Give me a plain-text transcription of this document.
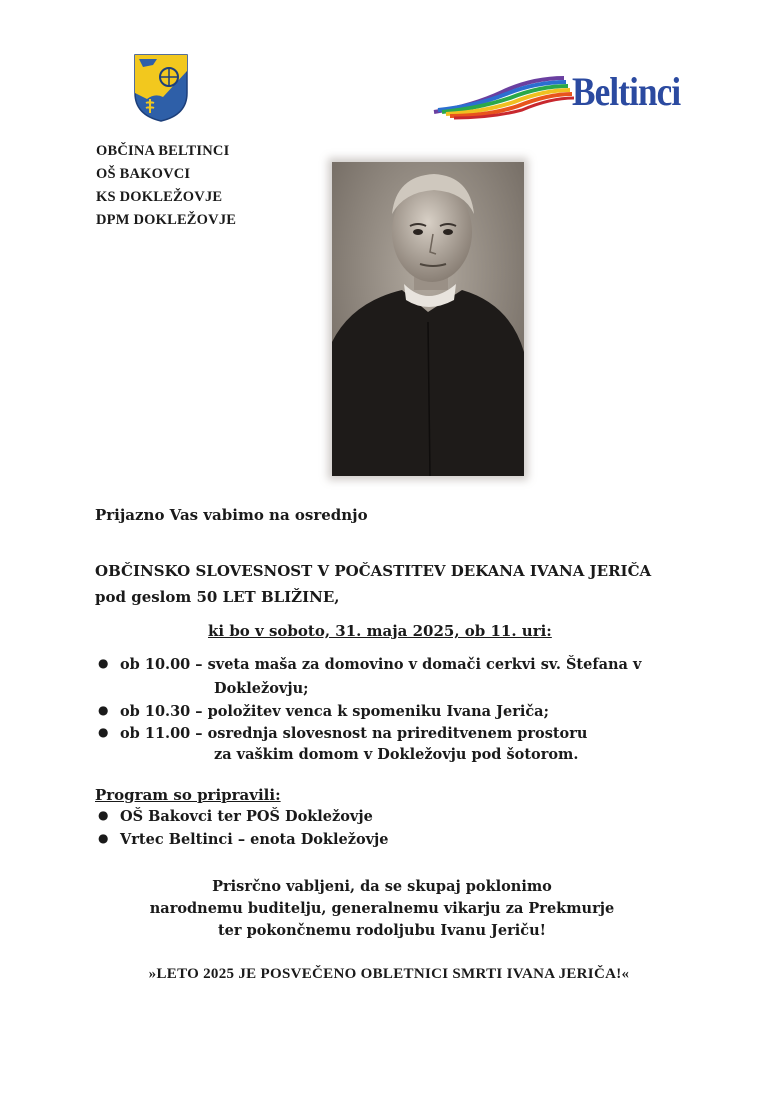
Beltinci
OBČINA BELTINCI
OŠ BAKOVCI
KS DOKLEŽOVJE
DPM DOKLEŽOVJE
Prijazno Vas vabimo na osrednjo
OBČINSKO SLOVESNOST V POČASTITEV DEKANA IVANA JERIČA
pod geslom 50 LET BLIŽINE,
ki bo v soboto, 31. maja 2025, ob 11. uri:
● ob 10.00 – sveta maša za domovino v domači cerkvi sv. Štefana v
Dokležovju;
● ob 10.30 – položitev venca k spomeniku Ivana Jeriča;
● ob 11.00 – osrednja slovesnost na prireditvenem prostoru
za vaškim domom v Dokležovju pod šotorom.
Program so pripravili:
● OŠ Bakovci ter POŠ Dokležovje
● Vrtec Beltinci – enota Dokležovje
Prisrčno vabljeni, da se skupaj poklonimo
narodnemu buditelju, generalnemu vikarju za Prekmurje
ter pokončnemu rodoljubu Ivanu Jeriču!
»LETO 2025 JE POSVEČENO OBLETNICI SMRTI IVANA JERIČA!«
